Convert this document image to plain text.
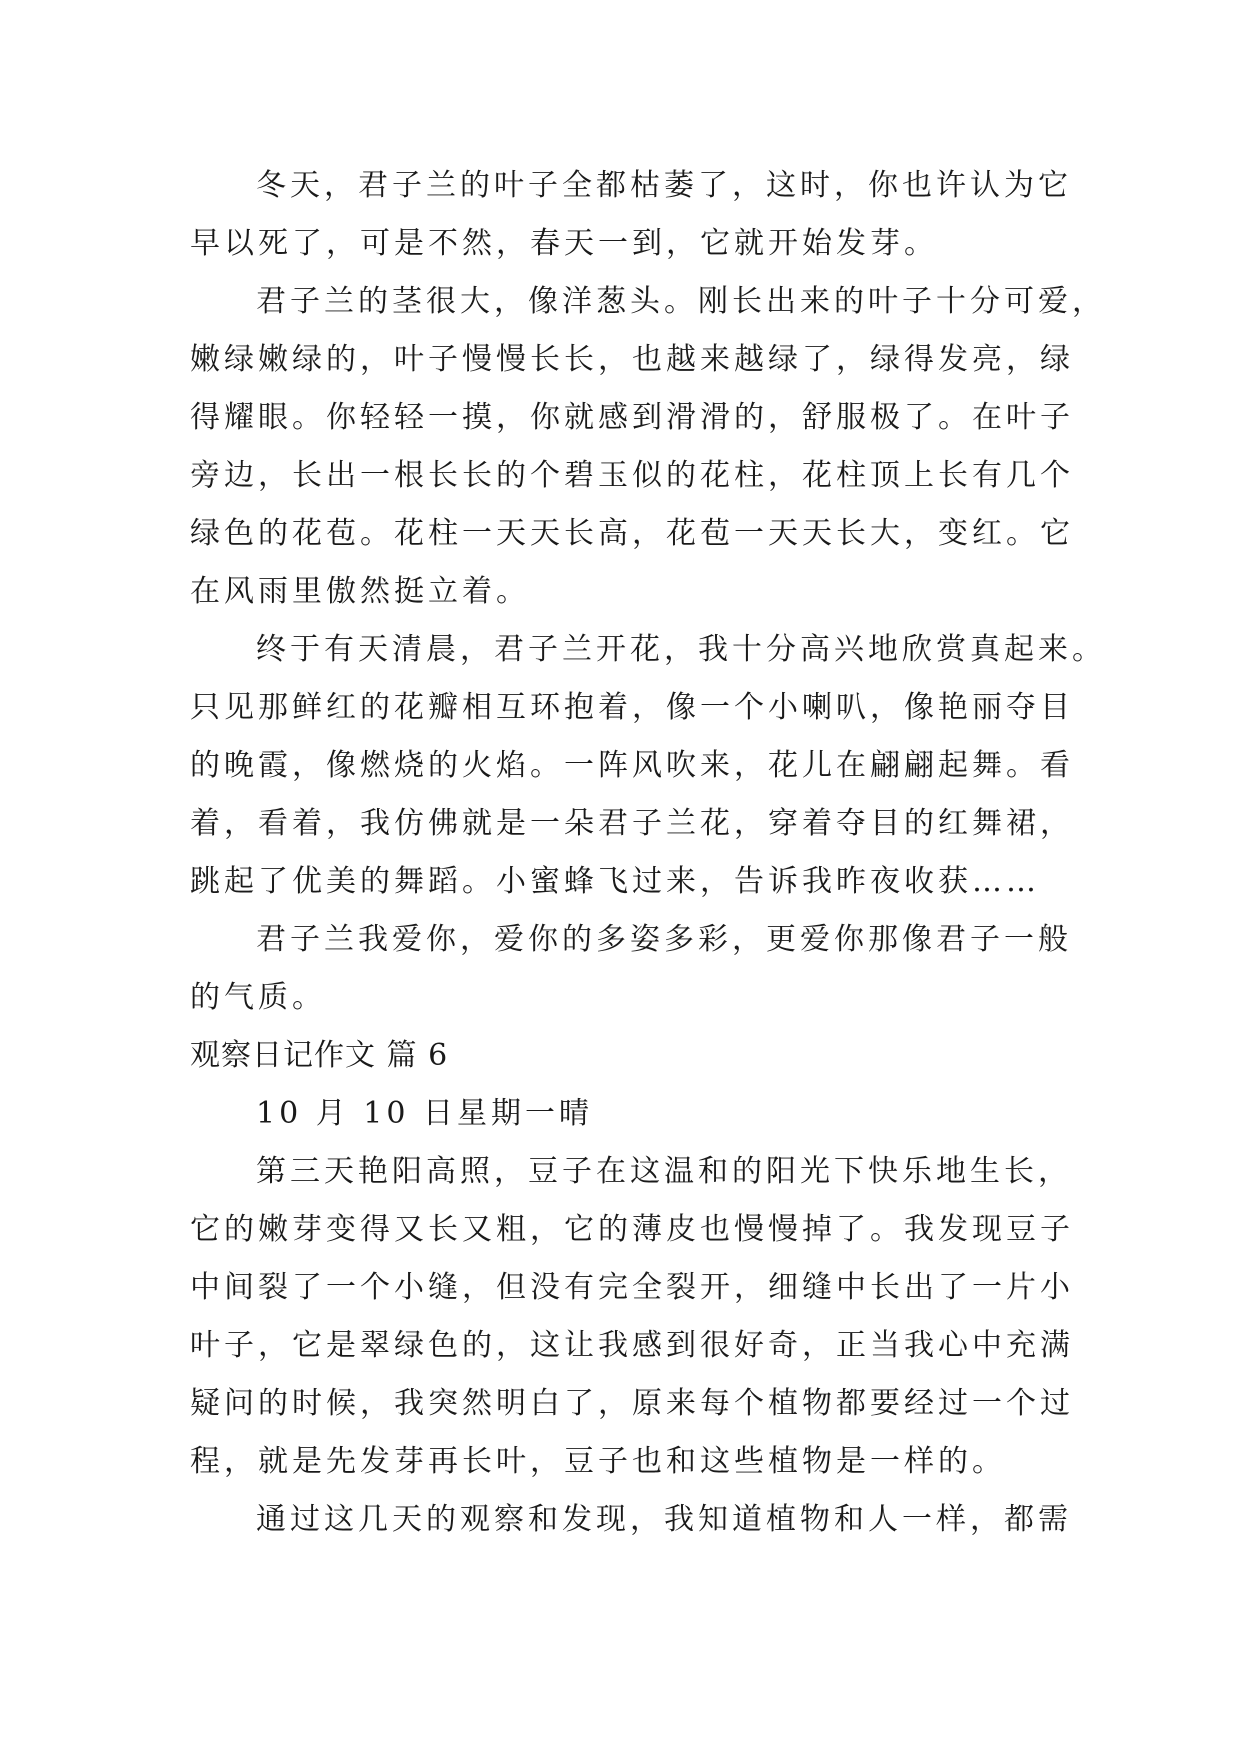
冬天，君子兰的叶子全都枯萎了，这时，你也许认为它
早以死了，可是不然，春天一到，它就开始发芽。
君子兰的茎很大，像洋葱头。刚长出来的叶子十分可爱，
嫩绿嫩绿的，叶子慢慢长长，也越来越绿了，绿得发亮，绿
得耀眼。你轻轻一摸，你就感到滑滑的，舒服极了。在叶子
旁边，长出一根长长的个碧玉似的花柱，花柱顶上长有几个
绿色的花苞。花柱一天天长高，花苞一天天长大，变红。它
在风雨里傲然挺立着。
终于有天清晨，君子兰开花，我十分高兴地欣赏真起来。
只见那鲜红的花瓣相互环抱着，像一个小喇叭，像艳丽夺目
的晚霞，像燃烧的火焰。一阵风吹来，花儿在翩翩起舞。看
着，看着，我仿佛就是一朵君子兰花，穿着夺目的红舞裙，
跳起了优美的舞蹈。小蜜蜂飞过来，告诉我昨夜收获……
君子兰我爱你，爱你的多姿多彩，更爱你那像君子一般
的气质。
观察日记作文 篇 6
10 月 10 日星期一晴
第三天艳阳高照，豆子在这温和的阳光下快乐地生长，
它的嫩芽变得又长又粗，它的薄皮也慢慢掉了。我发现豆子
中间裂了一个小缝，但没有完全裂开，细缝中长出了一片小
叶子，它是翠绿色的，这让我感到很好奇，正当我心中充满
疑问的时候，我突然明白了，原来每个植物都要经过一个过
程，就是先发芽再长叶，豆子也和这些植物是一样的。
通过这几天的观察和发现，我知道植物和人一样，都需
